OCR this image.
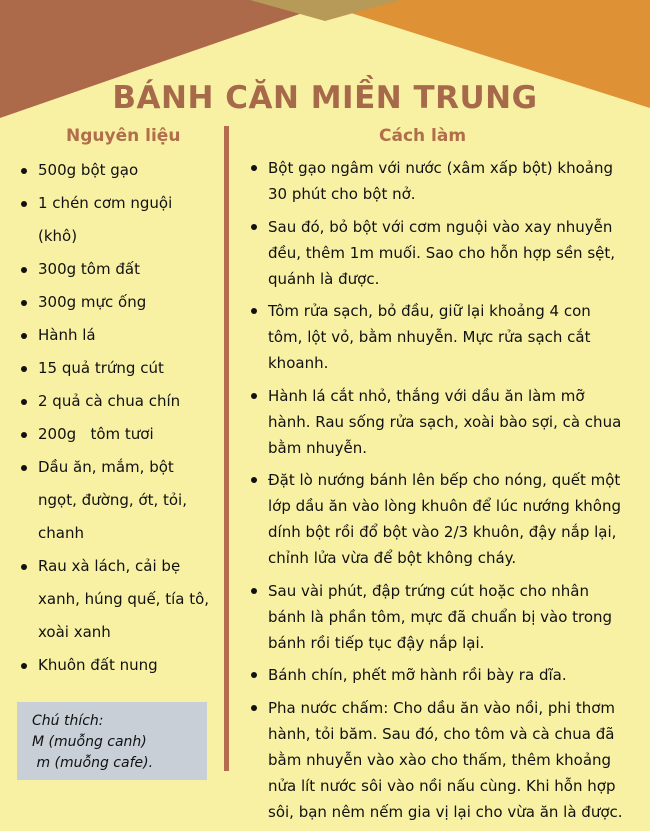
BÁNH CĂN MIỀN TRUNG
Nguyên liệu	Cách làm
500g bột gạo
1 chén cơm nguội (khô)
300g tôm đất
300g mực ống
Hành lá
15 quả trứng cút
2 quả cà chua chín
200g   tôm tươi
Dầu ăn, mắm, bột ngọt, đường, ớt, tỏi, chanh
Rau xà lách, cải bẹ xanh, húng quế, tía tô, xoài xanh
Khuôn đất nung
Bột gạo ngâm với nước (xâm xấp bột) khoảng 30 phút cho bột nở.
Sau đó, bỏ bột với cơm nguội vào xay nhuyễn đều, thêm 1m muối. Sao cho hỗn hợp sền sệt, quánh là được.
Tôm rửa sạch, bỏ đầu, giữ lại khoảng 4 con tôm, lột vỏ, bằm nhuyễn. Mực rửa sạch cắt khoanh.
Hành lá cắt nhỏ, thắng với dầu ăn làm mỡ hành. Rau sống rửa sạch, xoài bào sợi, cà chua bằm nhuyễn.
Đặt lò nướng bánh lên bếp cho nóng, quết một lớp dầu ăn vào lòng khuôn để lúc nướng không dính bột rồi đổ bột vào 2/3 khuôn, đậy nắp lại, chỉnh lửa vừa để bột không cháy.
Sau vài phút, đập trứng cút hoặc cho nhân bánh là phần tôm, mực đã chuẩn bị vào trong bánh rồi tiếp tục đậy nắp lại.
Bánh chín, phết mỡ hành rồi bày ra dĩa.
Pha nước chấm: Cho dầu ăn vào nồi, phi thơm hành, tỏi băm. Sau đó, cho tôm và cà chua đã bằm nhuyễn vào xào cho thấm, thêm khoảng nửa lít nước sôi vào nồi nấu cùng. Khi hỗn hợp sôi, bạn nêm nếm gia vị lại cho vừa ăn là được.
Chú thích:
M (muỗng canh)
m (muỗng cafe).
